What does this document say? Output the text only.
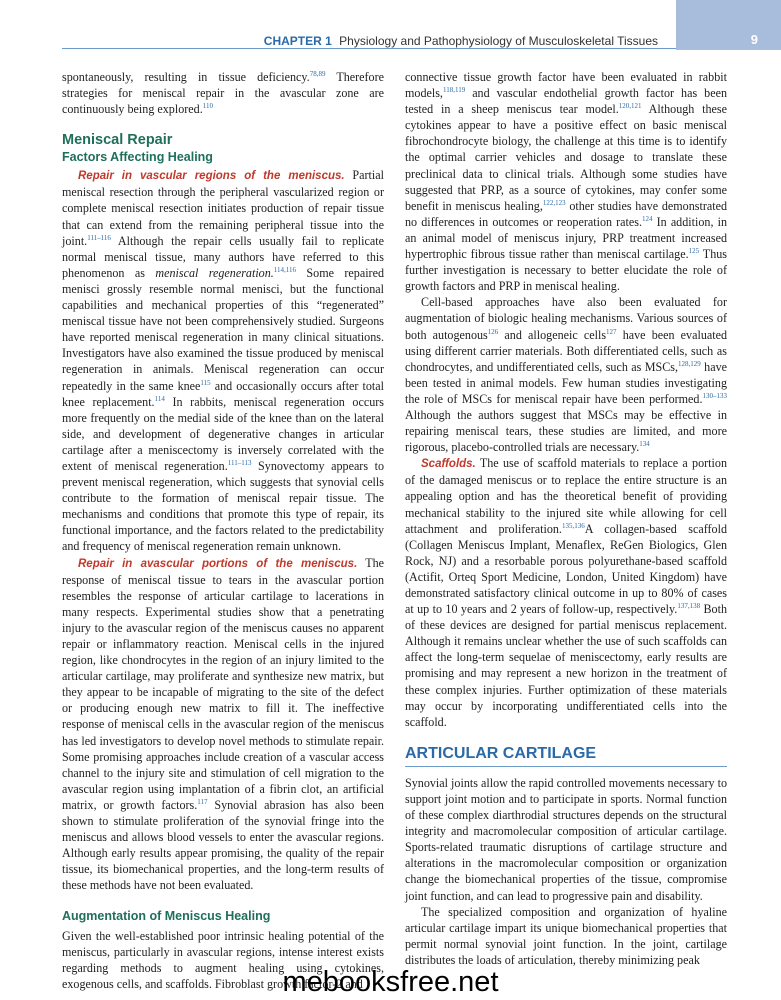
CHAPTER 1 Physiology and Pathophysiology of Musculoskeletal Tissues	9

spontaneously, resulting in tissue deficiency.$^{78,89}$ Therefore strategies for meniscal repair in the avascular zone are continuously being explored.$^{110}$

Meniscal Repair
Factors Affecting Healing

Repair in vascular regions of the meniscus. Partial meniscal resection through the peripheral vascularized region or complete meniscal resection initiates production of repair tissue that can extend from the remaining peripheral tissue into the joint.$^{111-116}$ Although the repair cells usually fail to replicate normal meniscal tissue, many authors have referred to this phenomenon as meniscal regeneration.$^{114,116}$ Some repaired menisci grossly resemble normal menisci, but the functional capabilities and mechanical properties of this “regenerated” meniscal tissue have not been comprehensively studied. Surgeons have reported meniscal regeneration in many clinical situations. Investigators have also examined the tissue produced by meniscal regeneration in animals. Meniscal regeneration can occur repeatedly in the same knee$^{115}$ and occasionally occurs after total knee replacement.$^{114}$ In rabbits, meniscal regeneration occurs more frequently on the medial side of the knee than on the lateral side, and development of degenerative changes in articular cartilage after a meniscectomy is inversely correlated with the extent of meniscal regeneration.$^{111-113}$ Synovectomy appears to prevent meniscal regeneration, which suggests that synovial cells contribute to the formation of meniscal repair tissue. The mechanisms and conditions that promote this type of repair, its functional importance, and the factors related to the predictability and frequency of meniscal regeneration remain unknown.

Repair in avascular portions of the meniscus. The response of meniscal tissue to tears in the avascular portion resembles the response of articular cartilage to lacerations in many respects. Experimental studies show that a penetrating injury to the avascular region of the meniscus causes no apparent repair or inflammatory reaction. Meniscal cells in the injured region, like chondrocytes in the region of an injury limited to the articular cartilage, may proliferate and synthesize new matrix, but they appear to be incapable of migrating to the site of the defect or producing enough new matrix to fill it. The ineffective response of meniscal cells in the avascular region of the meniscus has led investigators to develop novel methods to stimulate repair. Some promising approaches include creation of a vascular access channel to the injury site and stimulation of cell migration to the avascular region using implantation of a fibrin clot, an artificial matrix, or growth factors.$^{117}$ Synovial abrasion has also been shown to stimulate proliferation of the synovial fringe into the meniscus and allows blood vessels to enter the avascular regions. Although early results appear promising, the quality of the repair tissue, its biomechanical properties, and the long-term results of these methods have not been evaluated.

Augmentation of Meniscus Healing

Given the well-established poor intrinsic healing potential of the meniscus, particularly in avascular regions, intense interest exists regarding methods to augment healing using cytokines, exogenous cells, and scaffolds. Fibroblast growth factor-2 and

connective tissue growth factor have been evaluated in rabbit models,$^{118,119}$ and vascular endothelial growth factor has been tested in a sheep meniscus tear model.$^{120,121}$ Although these cytokines appear to have a positive effect on basic meniscal fibrochondrocyte biology, the challenge at this time is to identify the optimal carrier vehicles and dosage to translate these preclinical data to clinical trials. Although some studies have suggested that PRP, as a source of cytokines, may confer some benefit in meniscus healing,$^{122,123}$ other studies have demonstrated no differences in outcomes or reoperation rates.$^{124}$ In addition, in an animal model of meniscus injury, PRP treatment increased hypertrophic fibrous tissue rather than meniscal cartilage.$^{125}$ Thus further investigation is necessary to better elucidate the role of growth factors and PRP in meniscal healing.

Cell-based approaches have also been evaluated for augmentation of biologic healing mechanisms. Various sources of both autogenous$^{126}$ and allogeneic cells$^{127}$ have been evaluated using different carrier materials. Both differentiated cells, such as chondrocytes, and undifferentiated cells, such as MSCs,$^{128,129}$ have been tested in animal models. Few human studies investigating the role of MSCs for meniscal repair have been performed.$^{130-133}$ Although the authors suggest that MSCs may be effective in repairing meniscal tears, these studies are limited, and more rigorous, placebo-controlled trials are necessary.$^{134}$

Scaffolds. The use of scaffold materials to replace a portion of the damaged meniscus or to replace the entire structure is an appealing option and has the theoretical benefit of providing mechanical stability to the injured site while allowing for cell attachment and proliferation.$^{135,136}$A collagen-based scaffold (Collagen Meniscus Implant, Menaflex, ReGen Biologics, Glen Rock, NJ) and a resorbable porous polyurethane-based scaffold (Actifit, Orteq Sport Medicine, London, United Kingdom) have demonstrated satisfactory clinical outcome in up to 80% of cases at up to 10 years and 2 years of follow-up, respectively.$^{137,138}$ Both of these devices are designed for partial meniscus replacement. Although it remains unclear whether the use of such scaffolds can affect the long-term sequelae of meniscectomy, early results are promising and may represent a new horizon in the treatment of these complex injuries. Further optimization of these materials may occur by incorporating undifferentiated cells into the scaffold.

ARTICULAR CARTILAGE

Synovial joints allow the rapid controlled movements necessary to support joint motion and to participate in sports. Normal function of these complex diarthrodial structures depends on the structural integrity and macromolecular composition of articular cartilage. Sports-related traumatic disruptions of cartilage structure and alterations in the macromolecular composition or organization change the biomechanical properties of the tissue, compromise joint function, and can lead to progressive pain and disability.

The specialized composition and organization of hyaline articular cartilage impart its unique biomechanical properties that permit normal synovial joint function. In the joint, cartilage distributes the loads of articulation, thereby minimizing peak

mebooksfree.net
